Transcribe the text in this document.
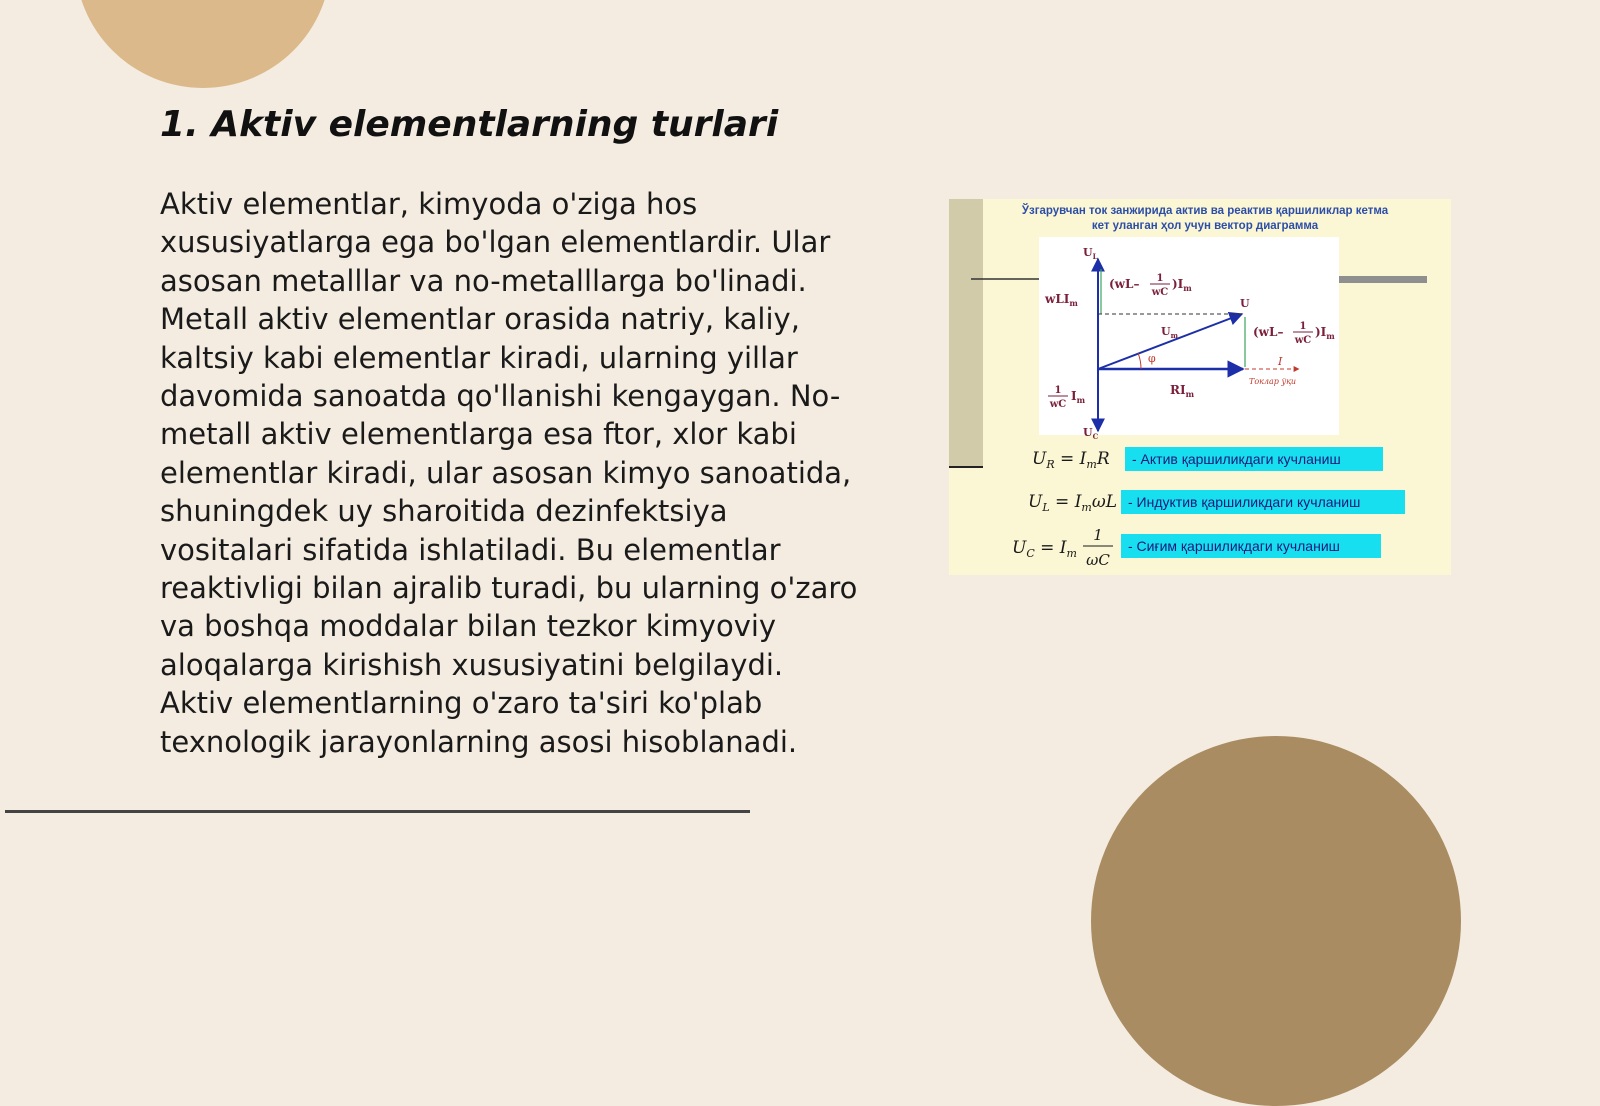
1. Aktiv elementlarning turlari

Aktiv elementlar, kimyoda o'ziga hos xususiyatlarga ega bo'lgan elementlardir. Ular asosan metalllar va no-metalllarga bo'linadi. Metall aktiv elementlar orasida natriy, kaliy, kaltsiy kabi elementlar kiradi, ularning yillar davomida sanoatda qo'llanishi kengaygan. No-metall aktiv elementlarga esa ftor, xlor kabi elementlar kiradi, ular asosan kimyo sanoatida, shuningdek uy sharoitida dezinfektsiya vositalari sifatida ishlatiladi. Bu elementlar reaktivligi bilan ajralib turadi, bu ularning o'zaro va boshqa moddalar bilan tezkor kimyoviy aloqalarga kirishish xususiyatini belgilaydi. Aktiv elementlarning o'zaro ta'siri ko'plab texnologik jarayonlarning asosi hisoblanadi.

Ўзгарувчан ток занжирида актив ва реактив қаршиликлар кетма
кет уланган ҳол учун вектор диаграмма
$U_L$
$U_C$
U
$U_m$
$RI_m$
wLI$_m$
1
wC
$I_m$
(wL– 1
wC
)$I_m$
(wL– 1
wC
)$I_m$
φ	I
Токлар ўқи
$U_R = I_mR$ - Актив қаршиликдаги кучланиш
$U_L = I_m\omega L$ - Индуктив қаршиликдаги кучланиш
$U_C = I_m$
1
ωC
- Сиғим қаршиликдаги кучланиш
